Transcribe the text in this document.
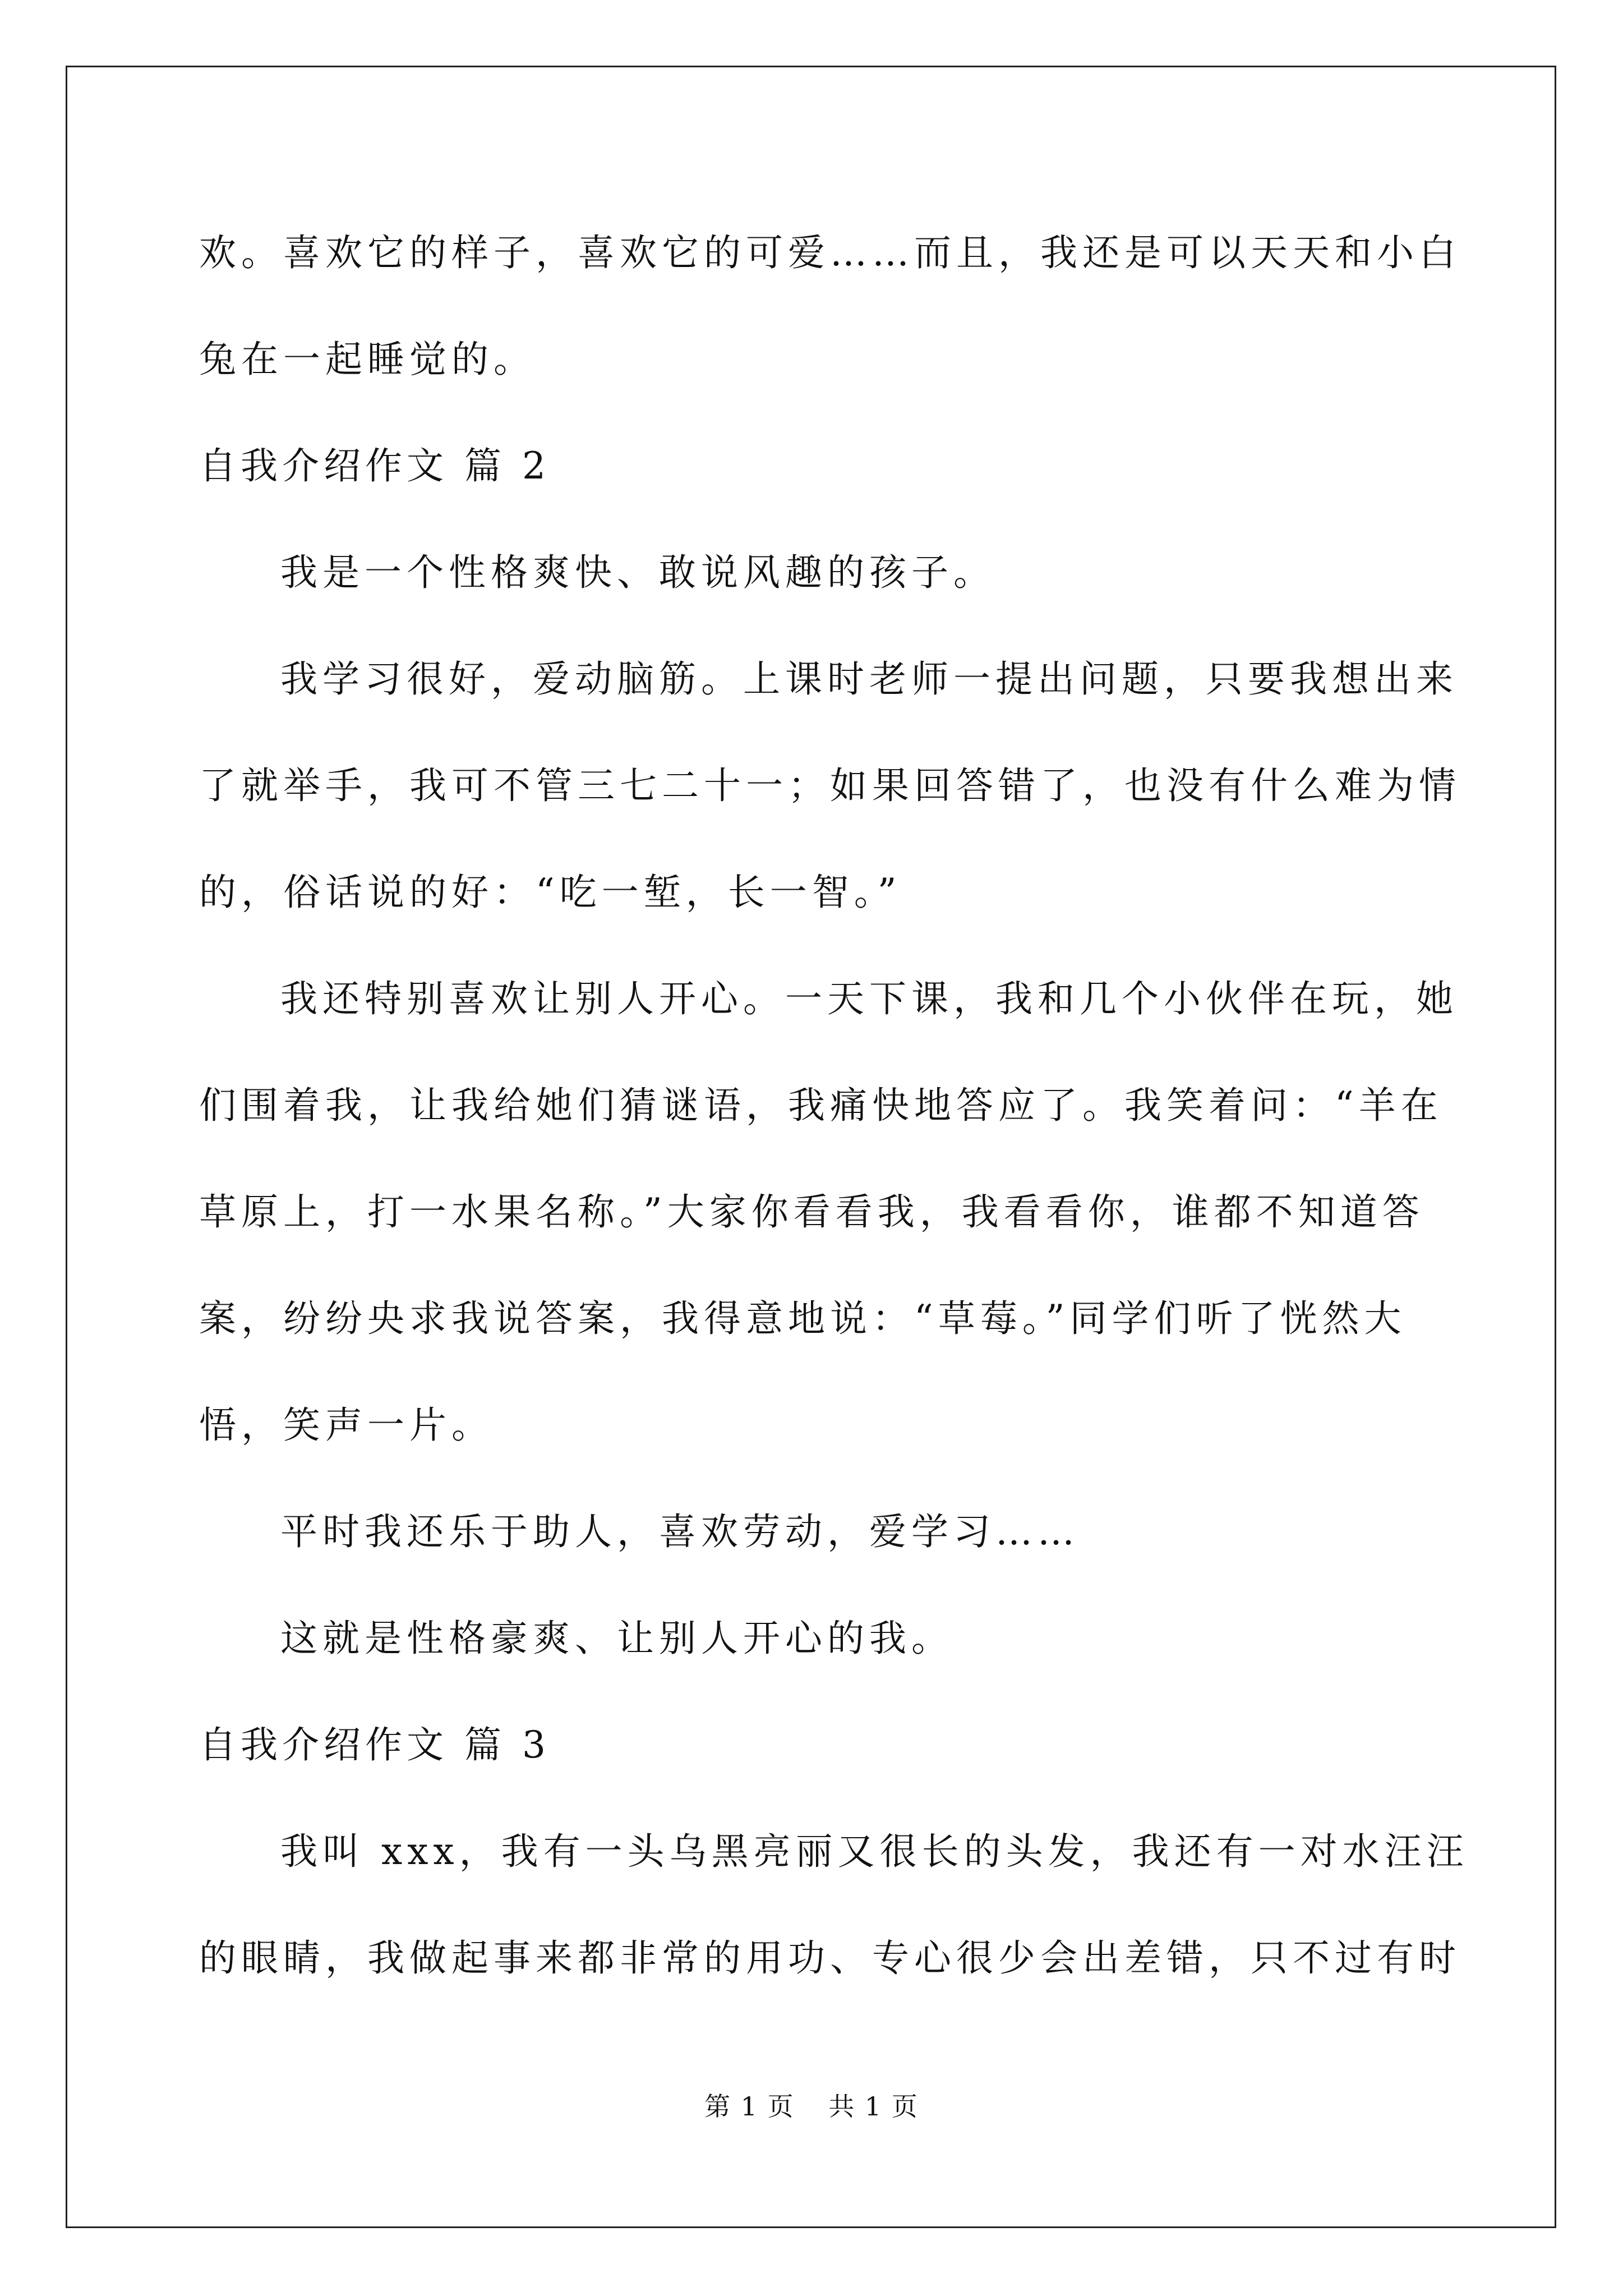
欢。喜欢它的样子，喜欢它的可爱……而且，我还是可以天天和小白
兔在一起睡觉的。
自我介绍作文 篇 2
我是一个性格爽快、敢说风趣的孩子。
我学习很好，爱动脑筋。上课时老师一提出问题，只要我想出来
了就举手，我可不管三七二十一；如果回答错了，也没有什么难为情
的，俗话说的好：“吃一堑，长一智。”
我还特别喜欢让别人开心。一天下课，我和几个小伙伴在玩，她
们围着我，让我给她们猜谜语，我痛快地答应了。我笑着问：“羊在
草原上，打一水果名称。”大家你看看我，我看看你，谁都不知道答
案，纷纷央求我说答案，我得意地说：“草莓。”同学们听了恍然大
悟，笑声一片。
平时我还乐于助人，喜欢劳动，爱学习……
这就是性格豪爽、让别人开心的我。
自我介绍作文 篇 3
我叫 xxx，我有一头乌黑亮丽又很长的头发，我还有一对水汪汪
的眼睛，我做起事来都非常的用功、专心很少会出差错，只不过有时
第 1 页 共 1 页
